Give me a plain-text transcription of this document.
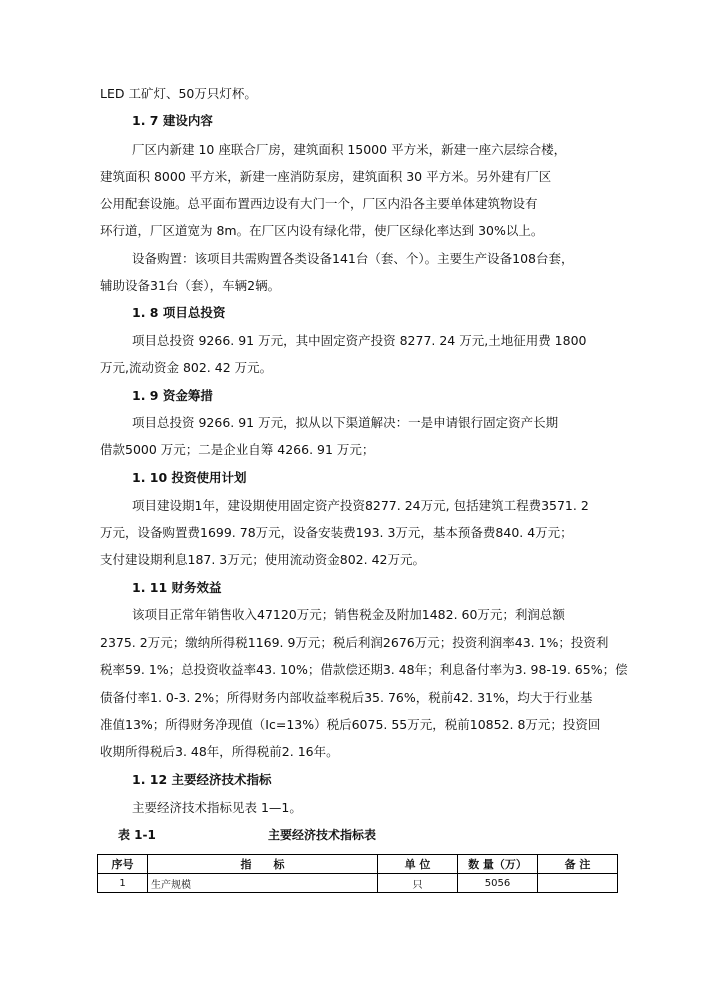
LED 工矿灯、50万只灯杯。
1. 7 建设内容
厂区内新建 10 座联合厂房，建筑面积 15000 平方米，新建一座六层综合楼，
建筑面积 8000 平方米，新建一座消防泵房，建筑面积 30 平方米。另外建有厂区
公用配套设施。总平面布置西边设有大门一个，厂区内沿各主要单体建筑物设有
环行道，厂区道宽为 8m。在厂区内设有绿化带，使厂区绿化率达到 30%以上。
设备购置：该项目共需购置各类设备141台（套、个）。主要生产设备108台套，
辅助设备31台（套），车辆2辆。
1. 8 项目总投资
项目总投资 9266. 91 万元，其中固定资产投资 8277. 24 万元,土地征用费 1800
万元,流动资金 802. 42 万元。
1. 9 资金筹措
项目总投资 9266. 91 万元，拟从以下渠道解决：一是申请银行固定资产长期
借款5000 万元；二是企业自筹 4266. 91 万元；
1. 10 投资使用计划
项目建设期1年，建设期使用固定资产投资8277. 24万元, 包括建筑工程费3571. 2
万元，设备购置费1699. 78万元，设备安装费193. 3万元，基本预备费840. 4万元；
支付建设期利息187. 3万元；使用流动资金802. 42万元。
1. 11 财务效益
该项目正常年销售收入47120万元；销售税金及附加1482. 60万元；利润总额
2375. 2万元；缴纳所得税1169. 9万元；税后利润2676万元；投资利润率43. 1%；投资利
税率59. 1%；总投资收益率43. 10%；借款偿还期3. 48年；利息备付率为3. 98-19. 65%；偿
债备付率1. 0-3. 2%；所得财务内部收益率税后35. 76%，税前42. 31%，均大于行业基
准值13%；所得财务净现值（Ic=13%）税后6075. 55万元，税前10852. 8万元；投资回
收期所得税后3. 48年，所得税前2. 16年。
1. 12 主要经济技术指标
主要经济技术指标见表 1—1。
表 1-1	主要经济技术指标表
序号	指　　标	单 位	数 量（万）	备 注
1	生产规模	只	5056	
